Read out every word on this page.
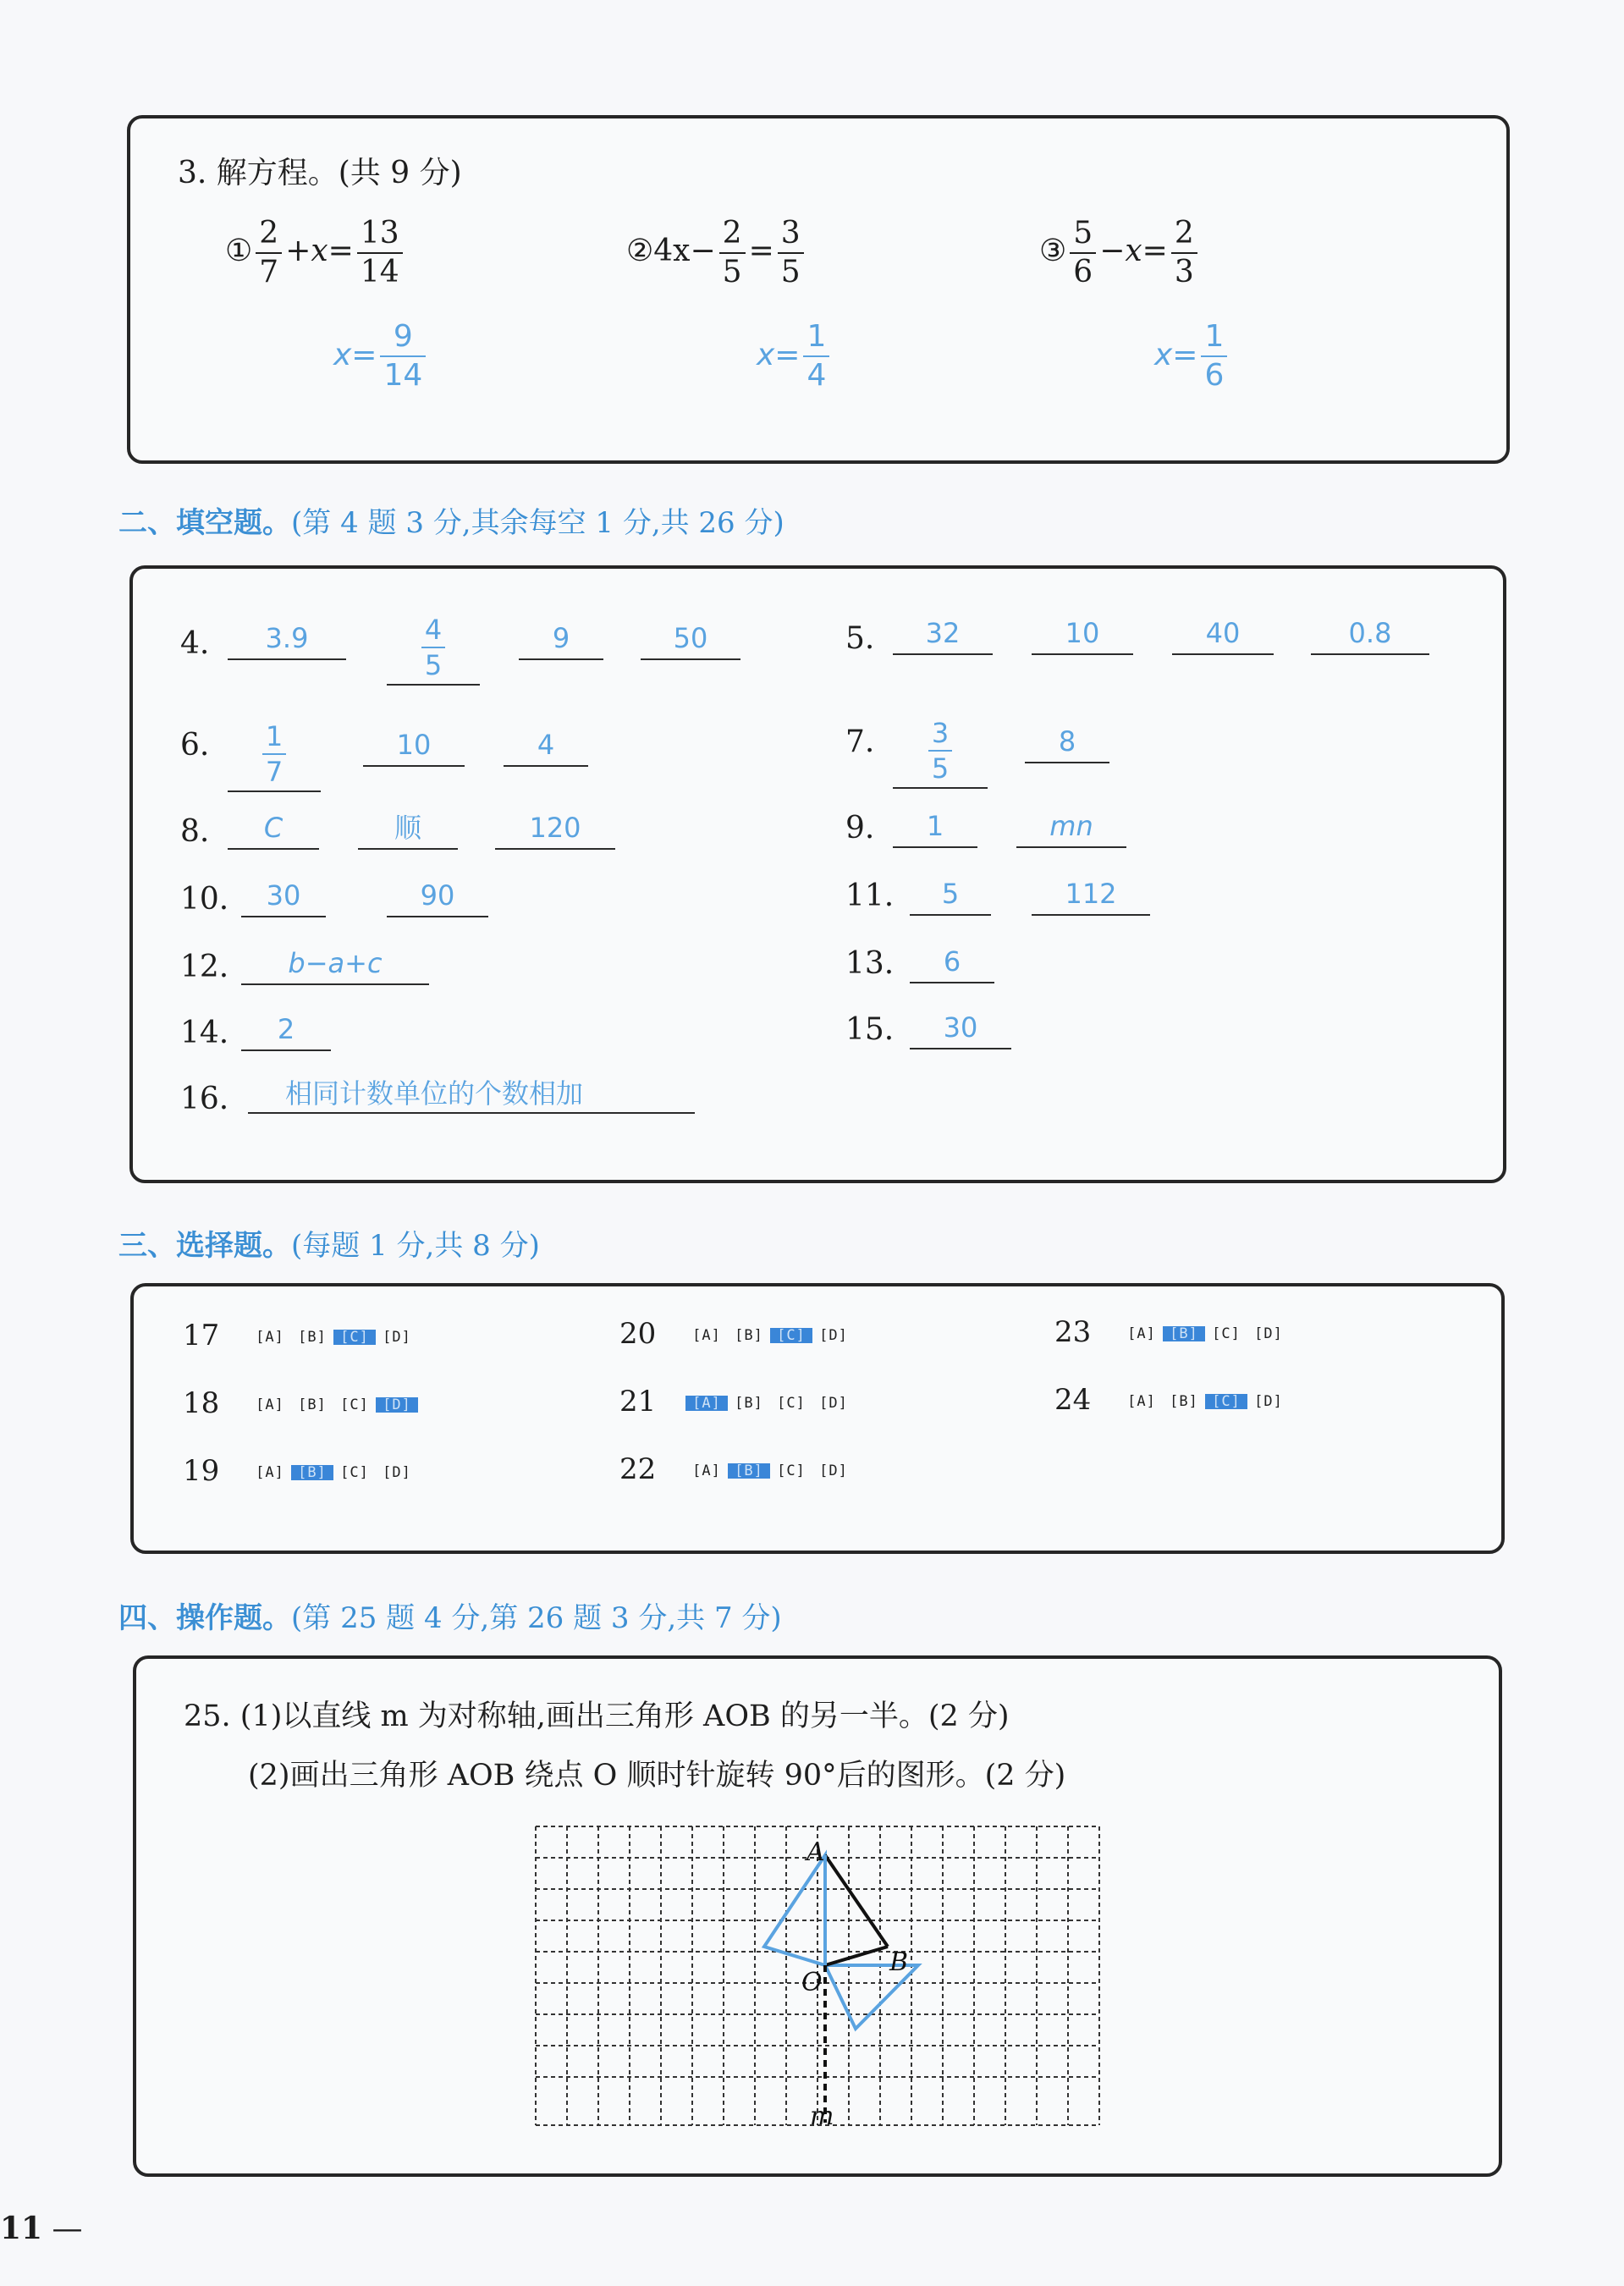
3. 解方程。(共 9 分)
① $\frac{2}{7} +x= \frac{13}{14}$
$x= \frac{9}{14}$
②4x− $\frac{2}{5} = \frac{3}{5}$
$x= \frac{1}{4}$
③ $\frac{5}{6} -x= \frac{2}{3}$
$x= \frac{1}{6}$
二、填空题。(第 4 题 3 分,其余每空 1 分,共 26 分)
4.	3.9	$\frac{4}{5}$	9	50	5.	32	10	40	0.8
6. $\frac{1}{7}$	10	4	7. $\frac{3}{5}$	8
8.	C	顺	120	9.	1	mn
10.	30	90	11.	5	112
12.	b−a+c	13.	6
14.	2	15.	30
16.	相同计数单位的个数相加
三、选择题。(每题 1 分,共 8 分)
17	[A] [B] [C] [D]
18	[A] [B] [C] [D]
19	[A] [B] [C] [D]
20	[A] [B] [C] [D]
21	[A] [B] [C] [D]
22	[A] [B] [C] [D]
23	[A] [B] [C] [D]
24	[A] [B] [C] [D]
四、操作题。(第 25 题 4 分,第 26 题 3 分,共 7 分)
25. (1)以直线 m 为对称轴,画出三角形 AOB 的另一半。(2 分)
(2)画出三角形 AOB 绕点 O 顺时针旋转 90°后的图形。(2 分)
A
B
O
m
11 —
